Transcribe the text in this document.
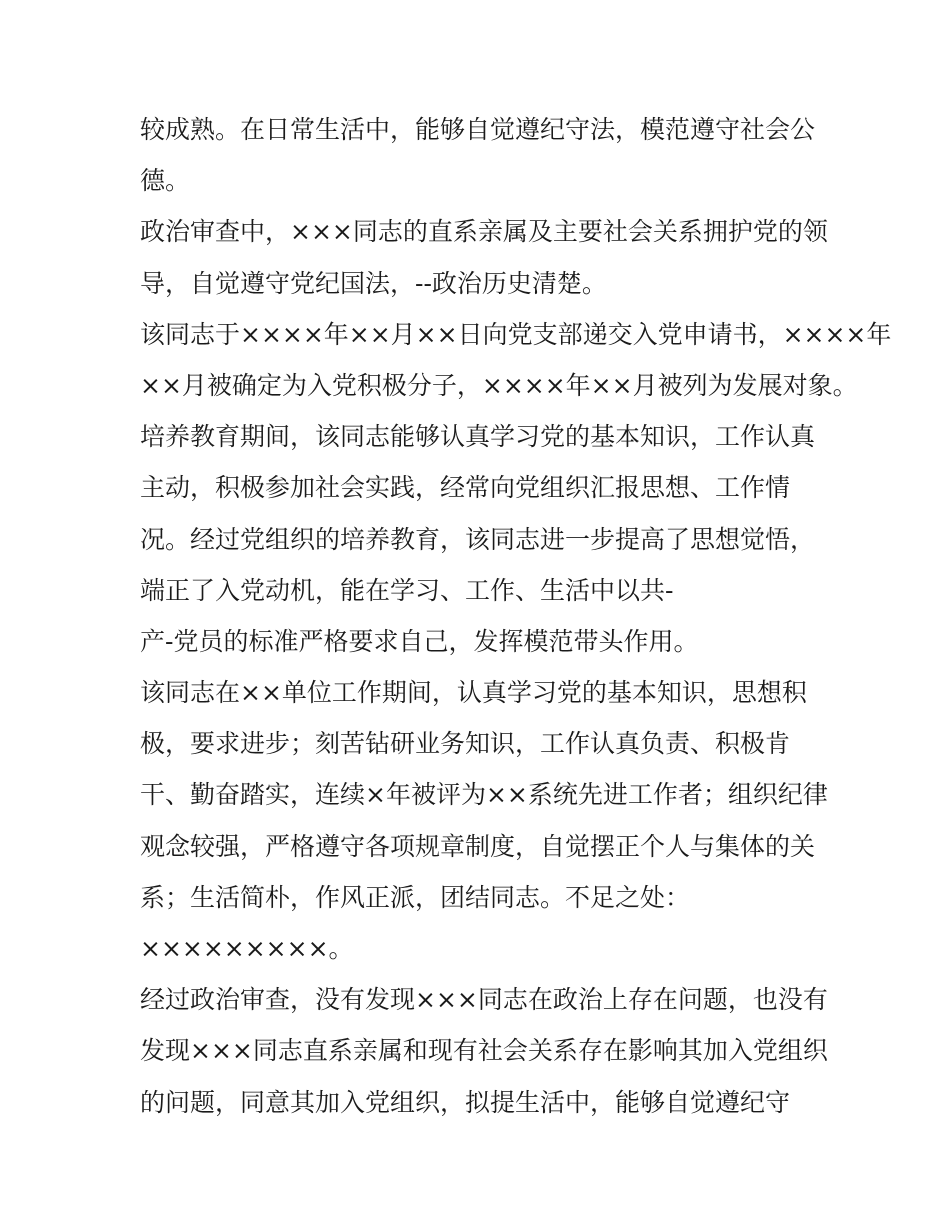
较成熟。在日常生活中，能够自觉遵纪守法，模范遵守社会公
德。
政治审查中，×××同志的直系亲属及主要社会关系拥护党的领
导，自觉遵守党纪国法，--政治历史清楚。
该同志于××××年××月××日向党支部递交入党申请书，××××年
××月被确定为入党积极分子，××××年××月被列为发展对象。
培养教育期间，该同志能够认真学习党的基本知识，工作认真
主动，积极参加社会实践，经常向党组织汇报思想、工作情
况。经过党组织的培养教育，该同志进一步提高了思想觉悟，
端正了入党动机，能在学习、工作、生活中以共-
产-党员的标准严格要求自己，发挥模范带头作用。
该同志在××单位工作期间，认真学习党的基本知识，思想积
极，要求进步；刻苦钻研业务知识，工作认真负责、积极肯
干、勤奋踏实，连续×年被评为××系统先进工作者；组织纪律
观念较强，严格遵守各项规章制度，自觉摆正个人与集体的关
系；生活简朴，作风正派，团结同志。不足之处：
×××××××××。
经过政治审查，没有发现×××同志在政治上存在问题，也没有
发现×××同志直系亲属和现有社会关系存在影响其加入党组织
的问题，同意其加入党组织，拟提生活中，能够自觉遵纪守
